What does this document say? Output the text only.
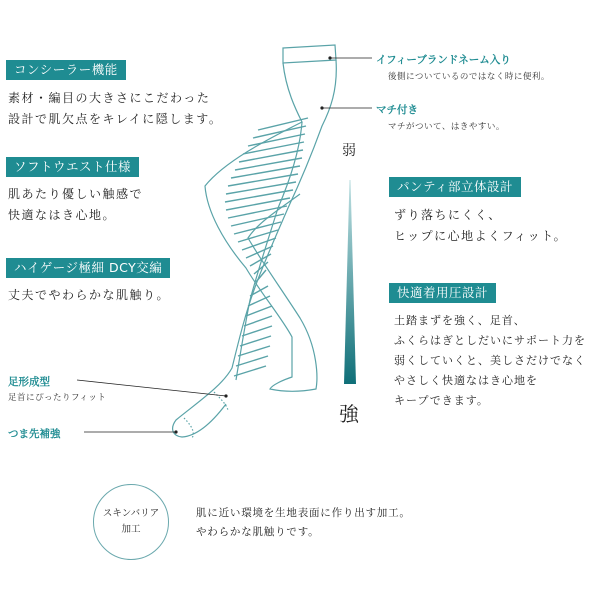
コンシーラー機能
素材・編目の大きさにこだわった
設計で肌欠点をキレイに隠します。
ソフトウエスト仕様
肌あたり優しい触感で
快適なはき心地。
ハイゲージ極細 DCY交編
丈夫でやわらかな肌触り。
パンティ部立体設計
ずり落ちにくく、
ヒップに心地よくフィット。
快適着用圧設計
土踏まずを強く、足首、
ふくらはぎとしだいにサポート力を
弱くしていくと、美しさだけでなく
やさしく快適なはき心地を
キープできます。
イフィーブランドネーム入り
後側についているのではなく時に便利。
マチ付き
マチがついて、はきやすい。
足形成型
足首にぴったりフィット
つま先補強
弱
強
スキンバリア
加工
肌に近い環境を生地表面に作り出す加工。
やわらかな肌触りです。
